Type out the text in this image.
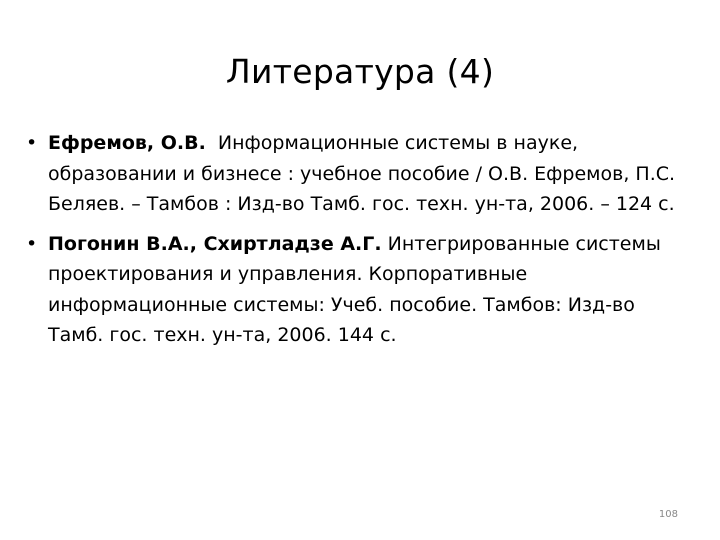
Литература (4)
• Ефремов, О.В.  Информационные системы в науке, образовании и бизнесе : учебное пособие / О.В. Ефремов, П.С. Беляев. – Тамбов : Изд-во Тамб. гос. техн. ун-та, 2006. – 124 с.
• Погонин В.А., Схиртладзе А.Г. Интегрированные системы проектирования и управления. Корпоративные  информационные системы: Учеб. пособие. Тамбов: Изд-во Тамб. гос. техн. ун-та, 2006. 144 с.
108
